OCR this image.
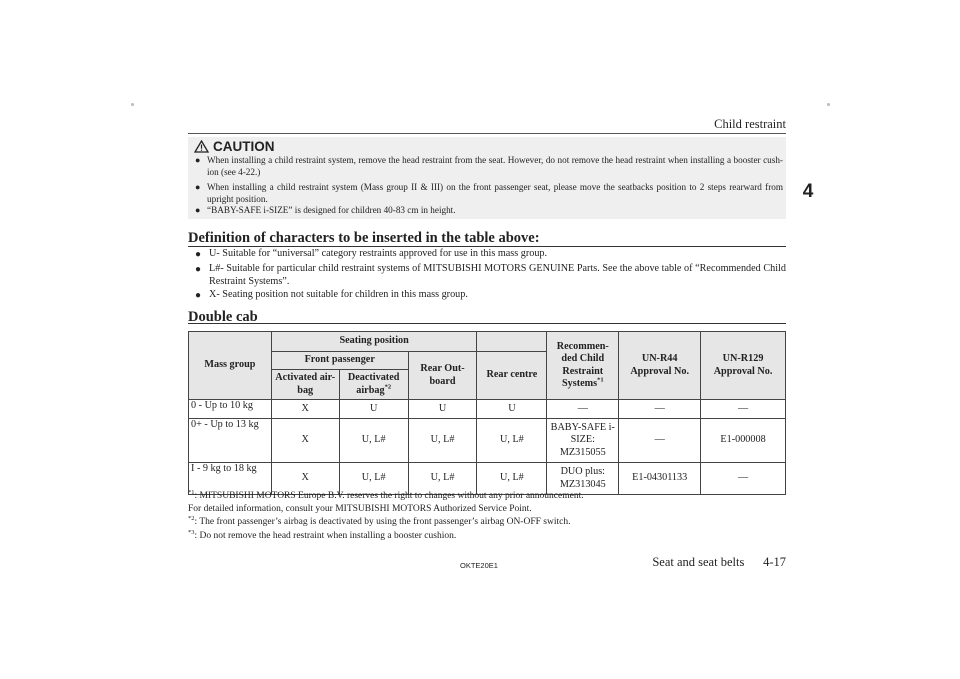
Child restraint
4
CAUTION
● When installing a child restraint system, remove the head restraint from the seat. However, do not remove the head restraint when installing a booster cush-ion (see 4-22.)
● When installing a child restraint system (Mass group II & III) on the front passenger seat, please move the seatbacks position to 2 steps rearward from upright position.
● “BABY-SAFE i-SIZE” is designed for children 40-83 cm in height.
Definition of characters to be inserted in the table above:
● U- Suitable for “universal” category restraints approved for use in this mass group.
● L#- Suitable for particular child restraint systems of MITSUBISHI MOTORS GENUINE Parts. See the above table of “Recommended Child Restraint Systems”.
● X- Seating position not suitable for children in this mass group.
Double cab
Mass group	Seating position				Recommen-ded Child Restraint Systems$^{*1}$	UN-R44 Approval No.	UN-R129 Approval No.
	Front passenger		Rear Out-board	Rear centre			
	Activated air-bag	Deactivated airbag$^{*2}$
0 - Up to 10 kg	X	U	U	U	—	—	—
0+ - Up to 13 kg	X	U, L#	U, L#	U, L#	BABY-SAFE i-SIZE: MZ315055	—	E1-000008
I - 9 kg to 18 kg	X	U, L#	U, L#	U, L#	DUO plus: MZ313045	E1-04301133	—
$^{*1}$: MITSUBISHI MOTORS Europe B.V. reserves the right to changes without any prior announcement.
For detailed information, consult your MITSUBISHI MOTORS Authorized Service Point.
$^{*2}$: The front passenger’s airbag is deactivated by using the front passenger’s airbag ON-OFF switch.
$^{*3}$: Do not remove the head restraint when installing a booster cushion.
OKTE20E1	Seat and seat belts 4-17
